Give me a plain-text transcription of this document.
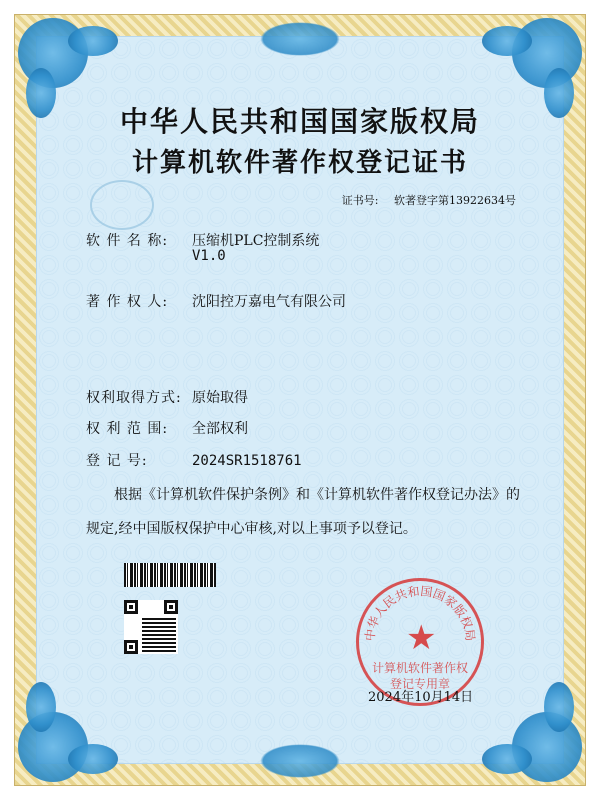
中华人民共和国国家版权局
计算机软件著作权登记证书
证书号: 软著登字第13922634号
软 件 名 称: 压缩机PLC控制系统
V1.0
著 作 权 人: 沈阳控万嘉电气有限公司
权利取得方式: 原始取得
权 利 范 围: 全部权利
登 记 号:	2024SR1518761
根据《计算机软件保护条例》和《计算机软件著作权登记办法》的
规定,经中国版权保护中心审核,对以上事项予以登记。
中华人民共和国国家版权局
★
计算机软件著作权
登记专用章
2024年10月14日
